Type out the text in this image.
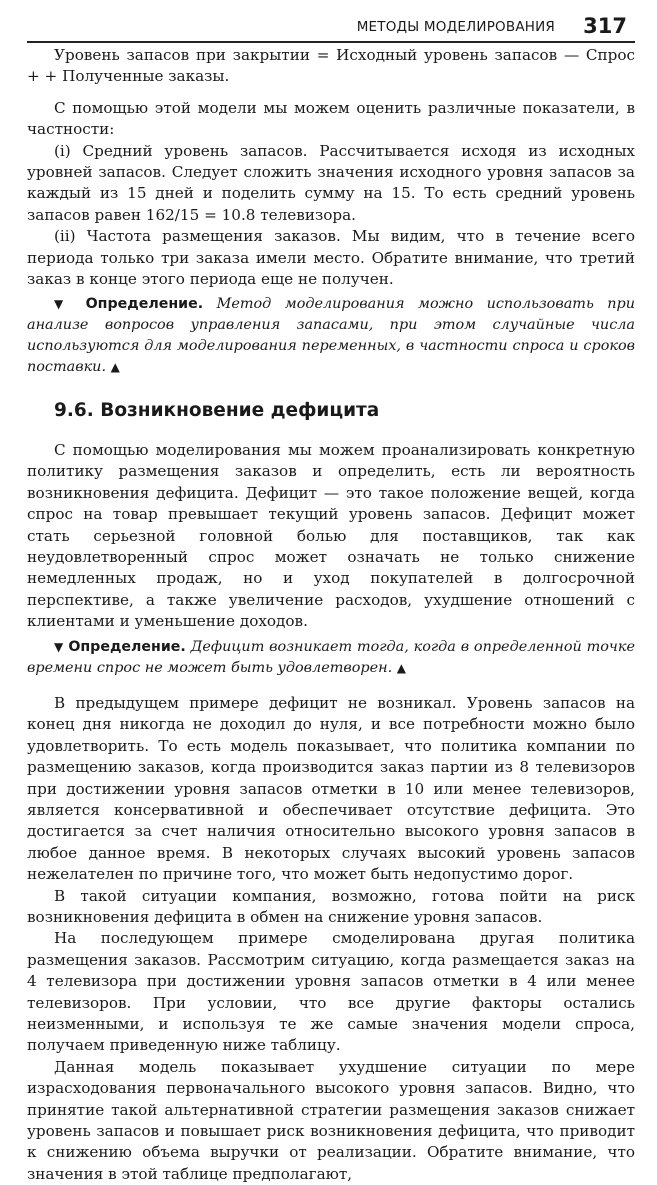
МЕТОДЫ МОДЕЛИРОВАНИЯ 317

Уровень запасов при закрытии = Исходный уровень запасов — Спрос + + Полученные заказы.

С помощью этой модели мы можем оценить различные показатели, в частности:

(i) Средний уровень запасов. Рассчитывается исходя из исходных уровней запасов. Следует сложить значения исходного уровня запасов за каждый из 15 дней и поделить сумму на 15. То есть средний уровень запасов равен 162/15 = 10.8 телевизора.

(ii) Частота размещения заказов. Мы видим, что в течение всего периода только три заказа имели место. Обратите внимание, что третий заказ в конце этого периода еще не получен.

▼ Определение. Метод моделирования можно использовать при анализе вопросов управления запасами, при этом случайные числа используются для моделирования переменных, в частности спроса и сроков поставки. ▲

9.6. Возникновение дефицита

С помощью моделирования мы можем проанализировать конкретную политику размещения заказов и определить, есть ли вероятность возникновения дефицита. Дефицит — это такое положение вещей, когда спрос на товар превышает текущий уровень запасов. Дефицит может стать серьезной головной болью для поставщиков, так как неудовлетворенный спрос может означать не только снижение немедленных продаж, но и уход покупателей в долгосрочной перспективе, а также увеличение расходов, ухудшение отношений с клиентами и уменьшение доходов.

▼ Определение. Дефицит возникает тогда, когда в определенной точке времени спрос не может быть удовлетворен. ▲

В предыдущем примере дефицит не возникал. Уровень запасов на конец дня никогда не доходил до нуля, и все потребности можно было удовлетворить. То есть модель показывает, что политика компании по размещению заказов, когда производится заказ партии из 8 телевизоров при достижении уровня запасов отметки в 10 или менее телевизоров, является консервативной и обеспечивает отсутствие дефицита. Это достигается за счет наличия относительно высокого уровня запасов в любое данное время. В некоторых случаях высокий уровень запасов нежелателен по причине того, что может быть недопустимо дорог.

В такой ситуации компания, возможно, готова пойти на риск возникновения дефицита в обмен на снижение уровня запасов.

На последующем примере смоделирована другая политика размещения заказов. Рассмотрим ситуацию, когда размещается заказ на 4 телевизора при достижении уровня запасов отметки в 4 или менее телевизоров. При условии, что все другие факторы остались неизменными, и используя те же самые значения модели спроса, получаем приведенную ниже таблицу.

Данная модель показывает ухудшение ситуации по мере израсходования первоначального высокого уровня запасов. Видно, что принятие такой альтернативной стратегии размещения заказов снижает уровень запасов и повышает риск возникновения дефицита, что приводит к снижению объема выручки от реализации. Обратите внимание, что значения в этой таблице предполагают,
